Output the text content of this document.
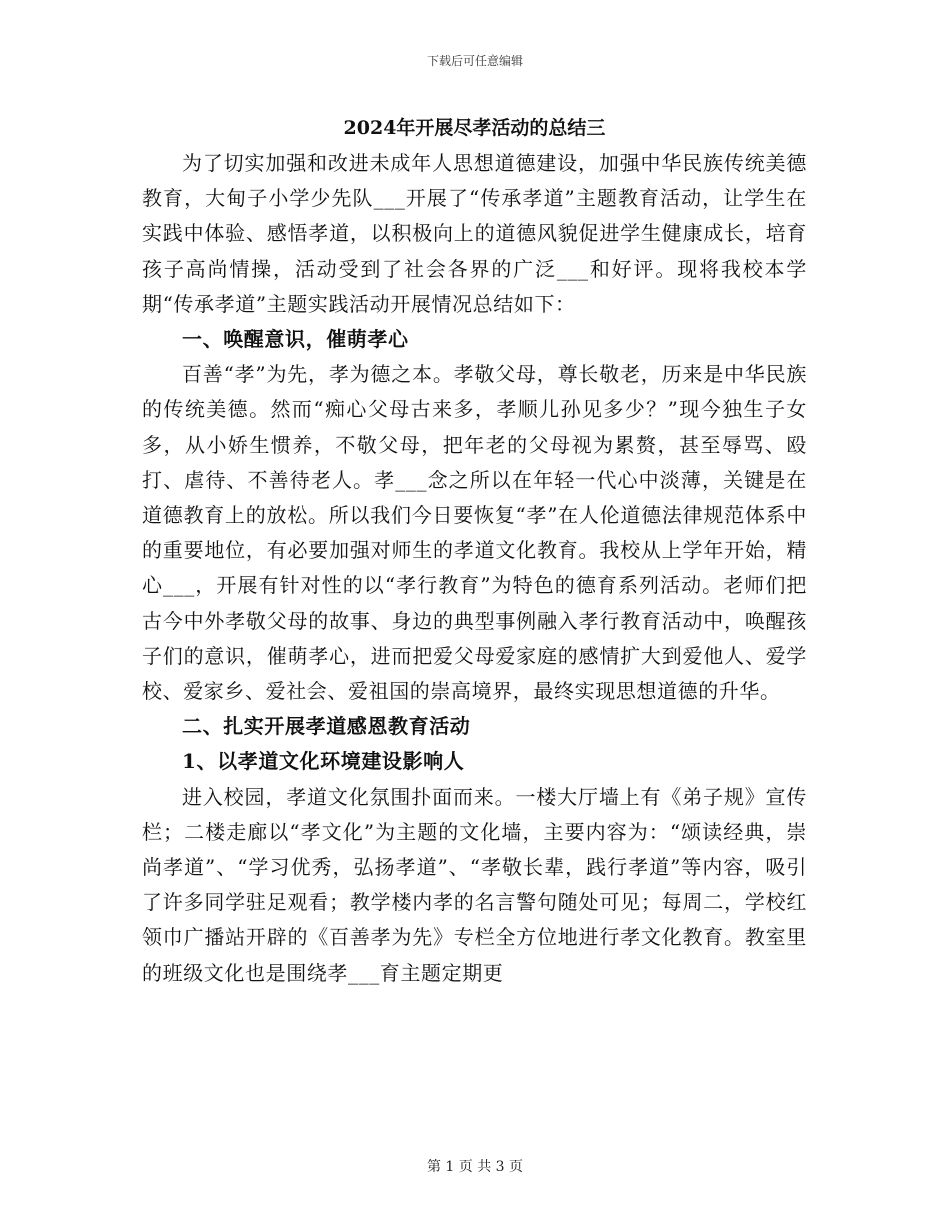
下载后可任意编辑
2024年开展尽孝活动的总结三

为了切实加强和改进未成年人思想道德建设，加强中华民族传统美德教育，大甸子小学少先队___开展了“传承孝道”主题教育活动，让学生在实践中体验、感悟孝道，以积极向上的道德风貌促进学生健康成长，培育孩子高尚情操，活动受到了社会各界的广泛___和好评。现将我校本学期“传承孝道”主题实践活动开展情况总结如下：

一、唤醒意识，催萌孝心

百善“孝”为先，孝为德之本。孝敬父母，尊长敬老，历来是中华民族的传统美德。然而“痴心父母古来多，孝顺儿孙见多少？”现今独生子女多，从小娇生惯养，不敬父母，把年老的父母视为累赘，甚至辱骂、殴打、虐待、不善待老人。孝___念之所以在年轻一代心中淡薄，关键是在道德教育上的放松。所以我们今日要恢复“孝”在人伦道德法律规范体系中的重要地位，有必要加强对师生的孝道文化教育。我校从上学年开始，精心___，开展有针对性的以“孝行教育”为特色的德育系列活动。老师们把古今中外孝敬父母的故事、身边的典型事例融入孝行教育活动中，唤醒孩子们的意识，催萌孝心，进而把爱父母爱家庭的感情扩大到爱他人、爱学校、爱家乡、爱社会、爱祖国的崇高境界，最终实现思想道德的升华。

二、扎实开展孝道感恩教育活动

1、以孝道文化环境建设影响人

进入校园，孝道文化氛围扑面而来。一楼大厅墙上有《弟子规》宣传栏；二楼走廊以“孝文化”为主题的文化墙，主要内容为：“颂读经典，崇尚孝道”、“学习优秀，弘扬孝道”、“孝敬长辈，践行孝道”等内容，吸引了许多同学驻足观看；教学楼内孝的名言警句随处可见；每周二，学校红领巾广播站开辟的《百善孝为先》专栏全方位地进行孝文化教育。教室里的班级文化也是围绕孝___育主题定期更

第 1 页 共 3 页
